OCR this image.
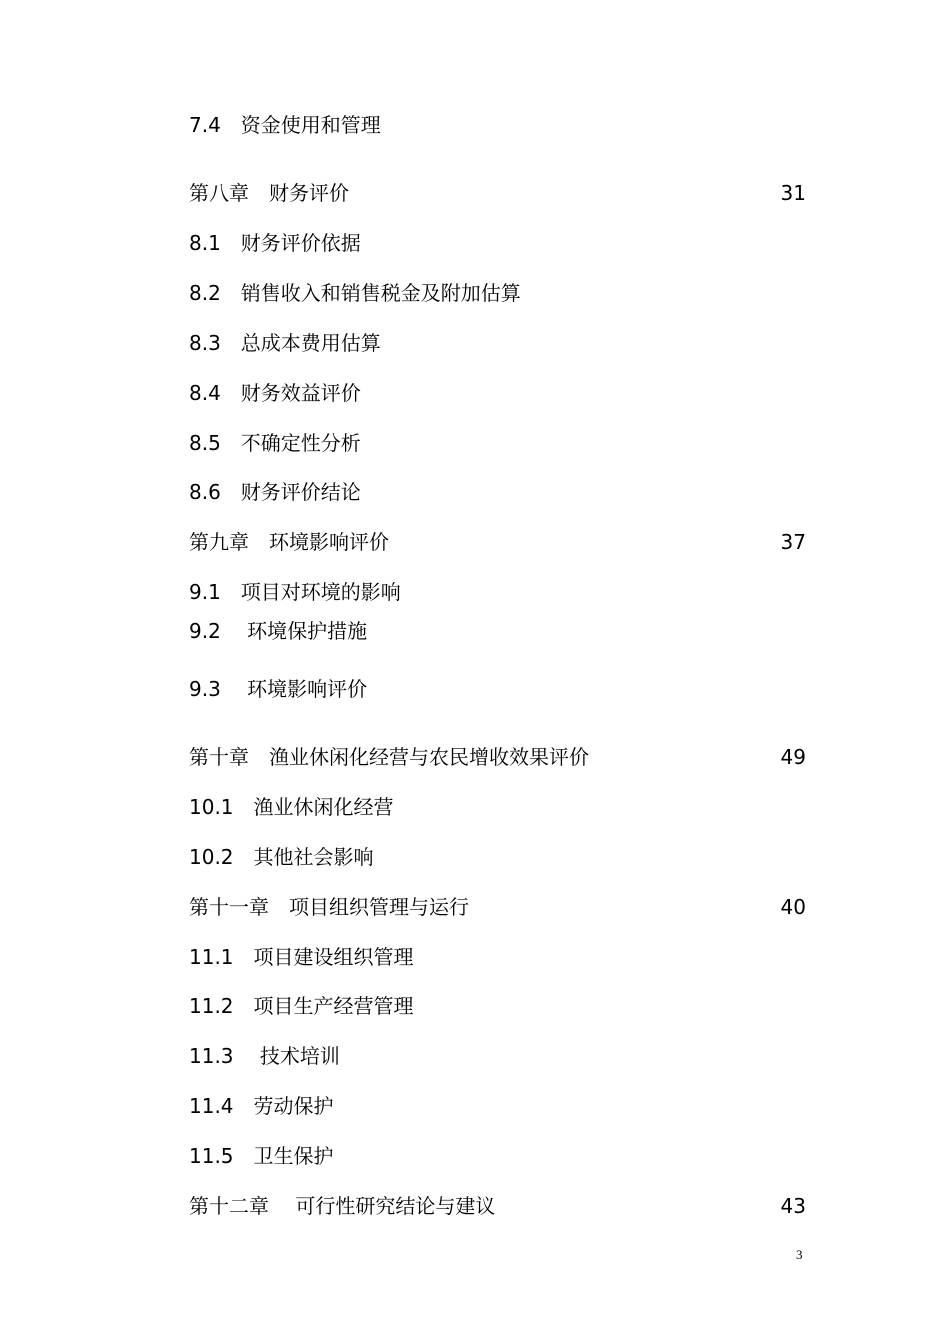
7.4　资金使用和管理
第八章　财务评价	31
8.1　财务评价依据
8.2　销售收入和销售税金及附加估算
8.3　总成本费用估算
8.4　财务效益评价
8.5　不确定性分析
8.6　财务评价结论
第九章　环境影响评价	37
9.1　项目对环境的影响
9.2 　环境保护措施
9.3 　环境影响评价
第十章　渔业休闲化经营与农民增收效果评价	49
10.1　渔业休闲化经营
10.2　其他社会影响
第十一章　项目组织管理与运行	40
11.1　项目建设组织管理
11.2　项目生产经营管理
11.3　 技术培训
11.4　劳动保护
11.5　卫生保护
第十二章 　可行性研究结论与建议	43
3
